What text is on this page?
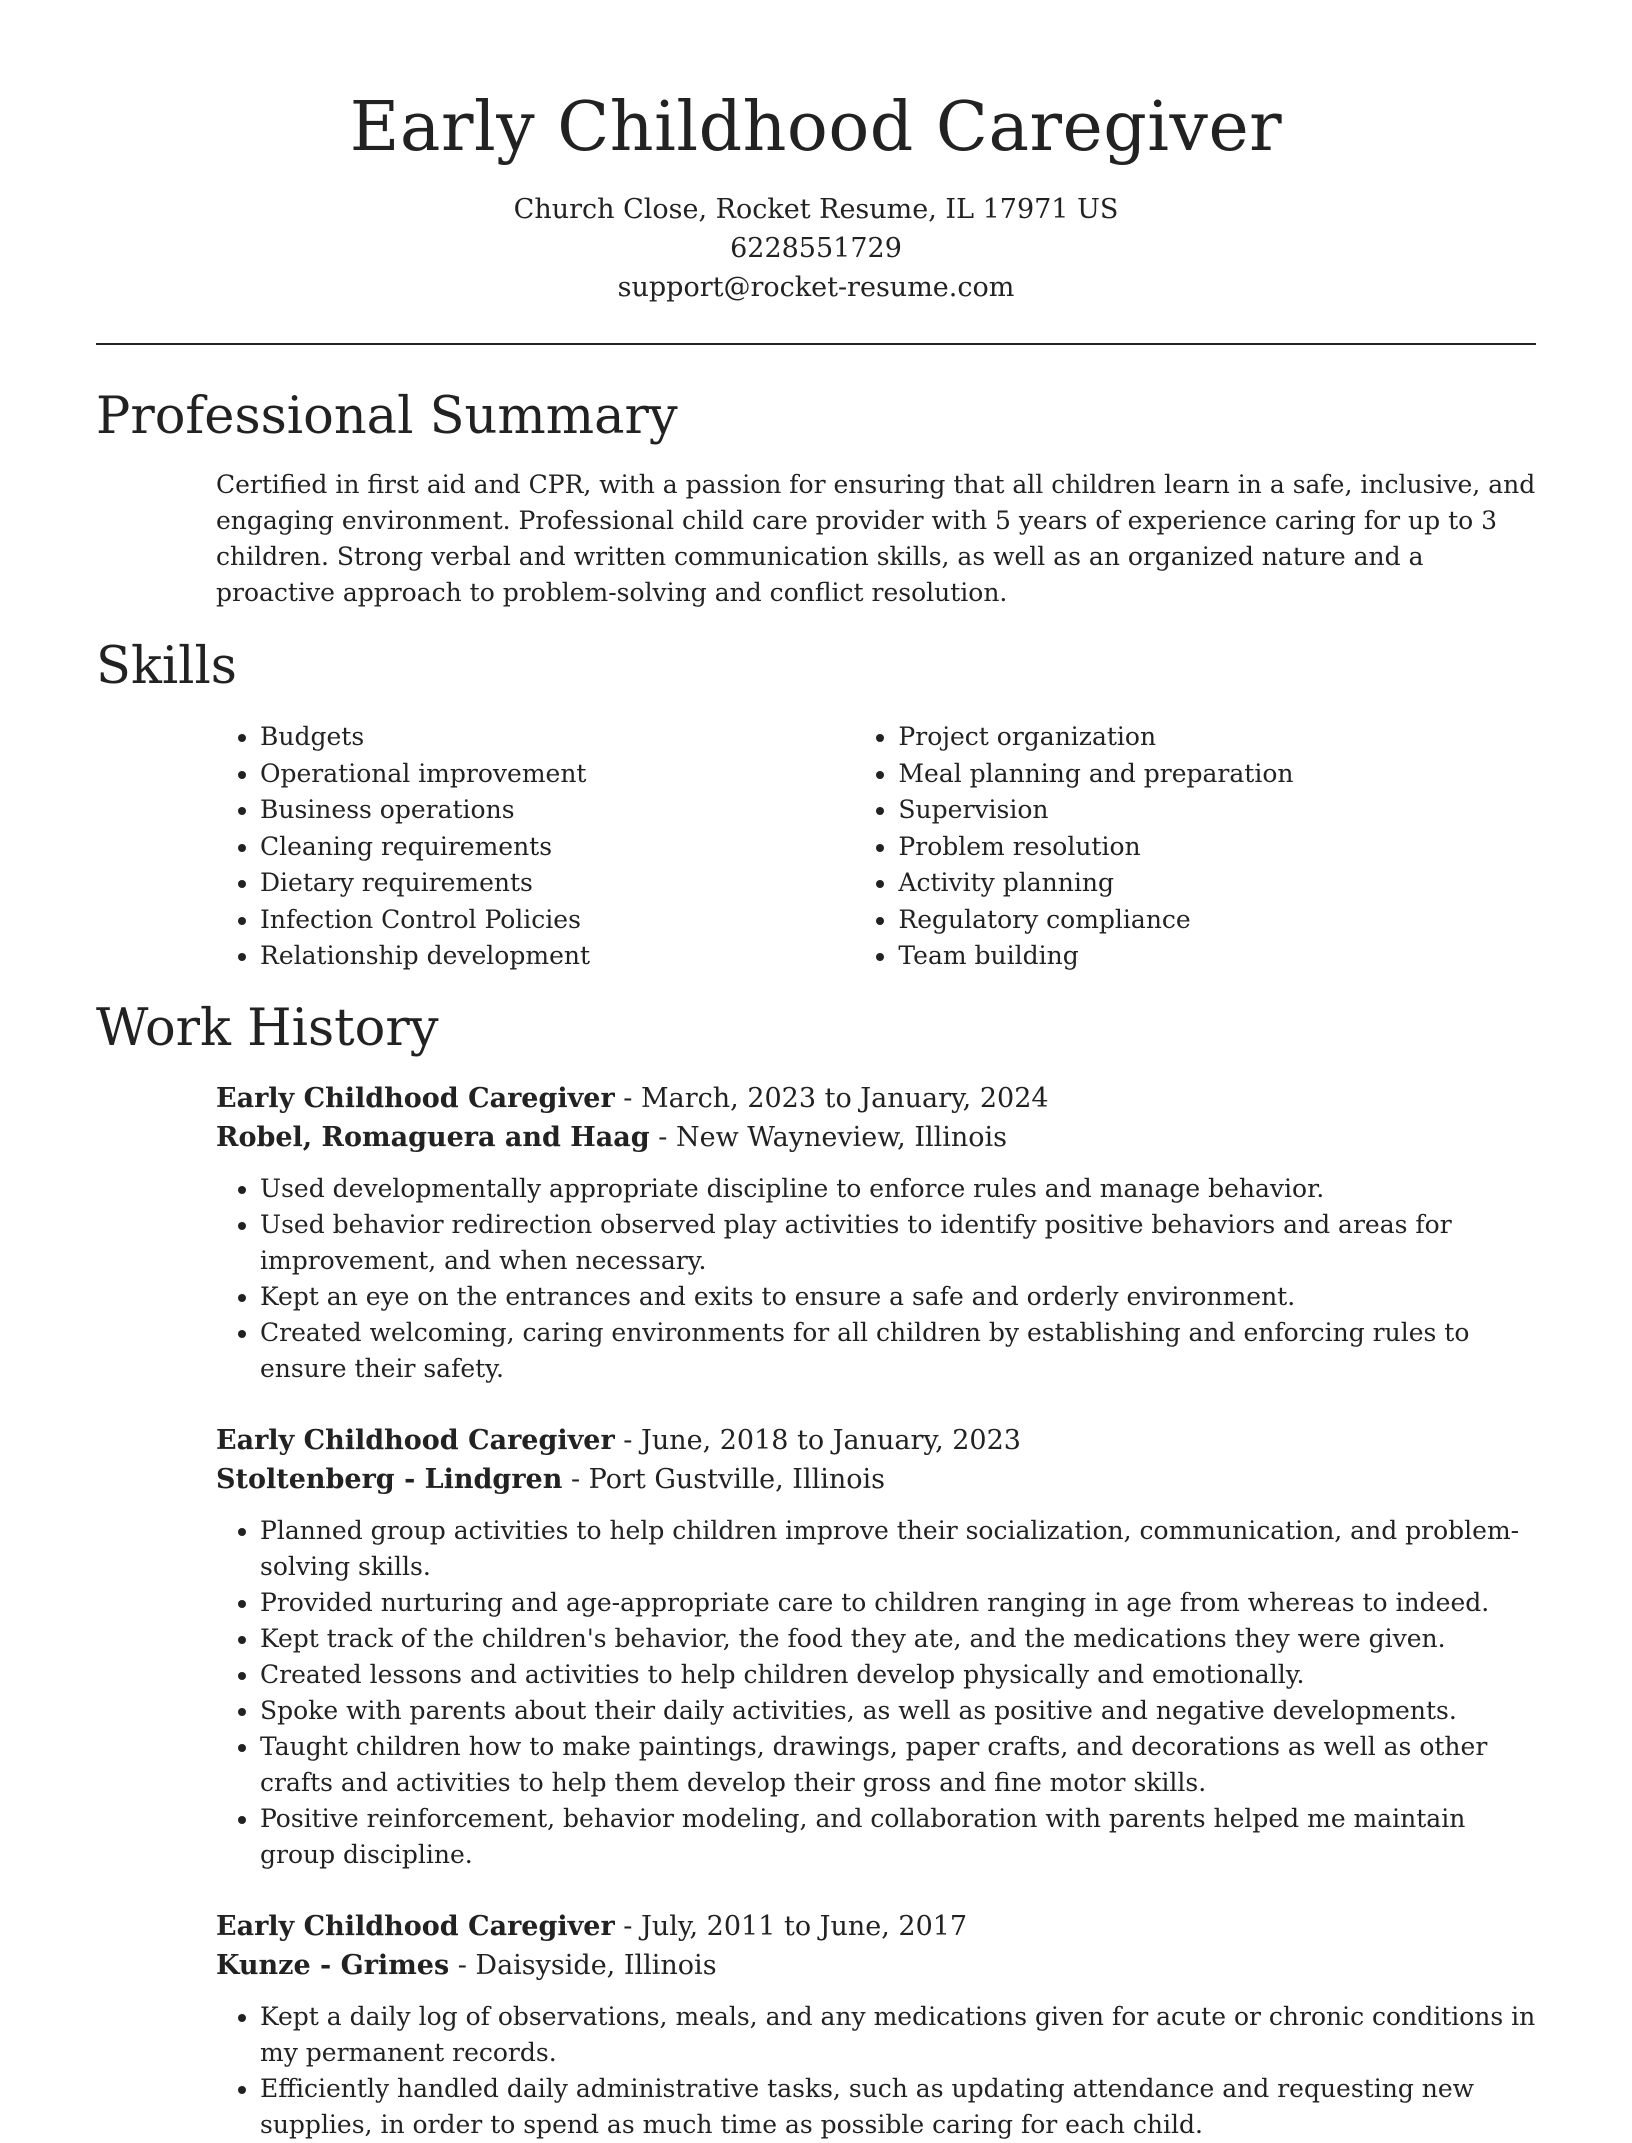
Early Childhood Caregiver
Church Close, Rocket Resume, IL 17971 US
6228551729
support@rocket-resume.com
Professional Summary

Certified in first aid and CPR, with a passion for ensuring that all children learn in a safe, inclusive, and engaging environment. Professional child care provider with 5 years of experience caring for up to 3 children. Strong verbal and written communication skills, as well as an organized nature and a proactive approach to problem-solving and conflict resolution.

Skills
• Budgets
• Operational improvement
• Business operations
• Cleaning requirements
• Dietary requirements
• Infection Control Policies
• Relationship development
• Project organization
• Meal planning and preparation
• Supervision
• Problem resolution
• Activity planning
• Regulatory compliance
• Team building
Work History
Early Childhood Caregiver - March, 2023 to January, 2024
Robel, Romaguera and Haag - New Wayneview, Illinois
• Used developmentally appropriate discipline to enforce rules and manage behavior.
• Used behavior redirection observed play activities to identify positive behaviors and areas for improvement, and when necessary.
• Kept an eye on the entrances and exits to ensure a safe and orderly environment.
• Created welcoming, caring environments for all children by establishing and enforcing rules to ensure their safety.
Early Childhood Caregiver - June, 2018 to January, 2023
Stoltenberg - Lindgren - Port Gustville, Illinois
• Planned group activities to help children improve their socialization, communication, and problem-solving skills.
• Provided nurturing and age-appropriate care to children ranging in age from whereas to indeed.
• Kept track of the children's behavior, the food they ate, and the medications they were given.
• Created lessons and activities to help children develop physically and emotionally.
• Spoke with parents about their daily activities, as well as positive and negative developments.
• Taught children how to make paintings, drawings, paper crafts, and decorations as well as other crafts and activities to help them develop their gross and fine motor skills.
• Positive reinforcement, behavior modeling, and collaboration with parents helped me maintain group discipline.
Early Childhood Caregiver - July, 2011 to June, 2017
Kunze - Grimes - Daisyside, Illinois
• Kept a daily log of observations, meals, and any medications given for acute or chronic conditions in my permanent records.
• Efficiently handled daily administrative tasks, such as updating attendance and requesting new supplies, in order to spend as much time as possible caring for each child.
